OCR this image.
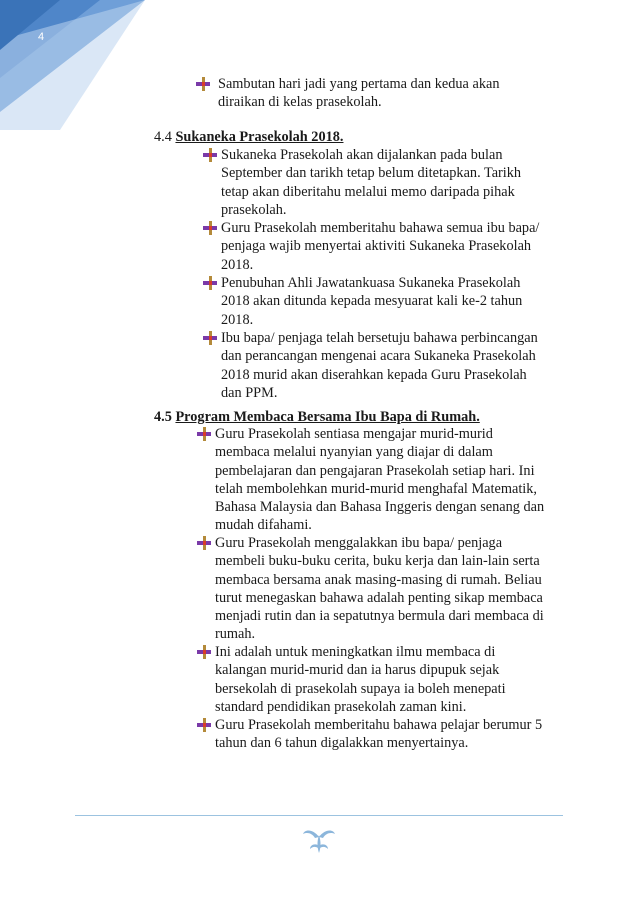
4
Sambutan hari jadi yang pertama dan kedua akan
diraikan di kelas prasekolah.
4.4 Sukaneka Prasekolah 2018.
Sukaneka Prasekolah akan dijalankan pada bulan
September dan tarikh tetap belum ditetapkan. Tarikh
tetap akan diberitahu melalui memo daripada pihak
prasekolah.
Guru Prasekolah memberitahu bahawa semua ibu bapa/
penjaga wajib menyertai aktiviti Sukaneka Prasekolah
2018.
Penubuhan Ahli Jawatankuasa Sukaneka Prasekolah
2018 akan ditunda kepada mesyuarat kali ke-2 tahun
2018.
Ibu bapa/ penjaga telah bersetuju bahawa perbincangan
dan perancangan mengenai acara Sukaneka Prasekolah
2018 murid akan diserahkan kepada Guru Prasekolah
dan PPM.
4.5 Program Membaca Bersama Ibu Bapa di Rumah.
Guru Prasekolah sentiasa mengajar murid-murid
membaca melalui nyanyian yang diajar di dalam
pembelajaran dan pengajaran Prasekolah setiap hari. Ini
telah membolehkan murid-murid menghafal Matematik,
Bahasa Malaysia dan Bahasa Inggeris dengan senang dan
mudah difahami.
Guru Prasekolah menggalakkan ibu bapa/ penjaga
membeli buku-buku cerita, buku kerja dan lain-lain serta
membaca bersama anak masing-masing di rumah. Beliau
turut menegaskan bahawa adalah penting sikap membaca
menjadi rutin dan ia sepatutnya bermula dari membaca di
rumah.
Ini adalah untuk meningkatkan ilmu membaca di
kalangan murid-murid dan ia harus dipupuk sejak
bersekolah di prasekolah supaya ia boleh menepati
standard pendidikan prasekolah zaman kini.
Guru Prasekolah memberitahu bahawa pelajar berumur 5
tahun dan 6 tahun digalakkan menyertainya.
